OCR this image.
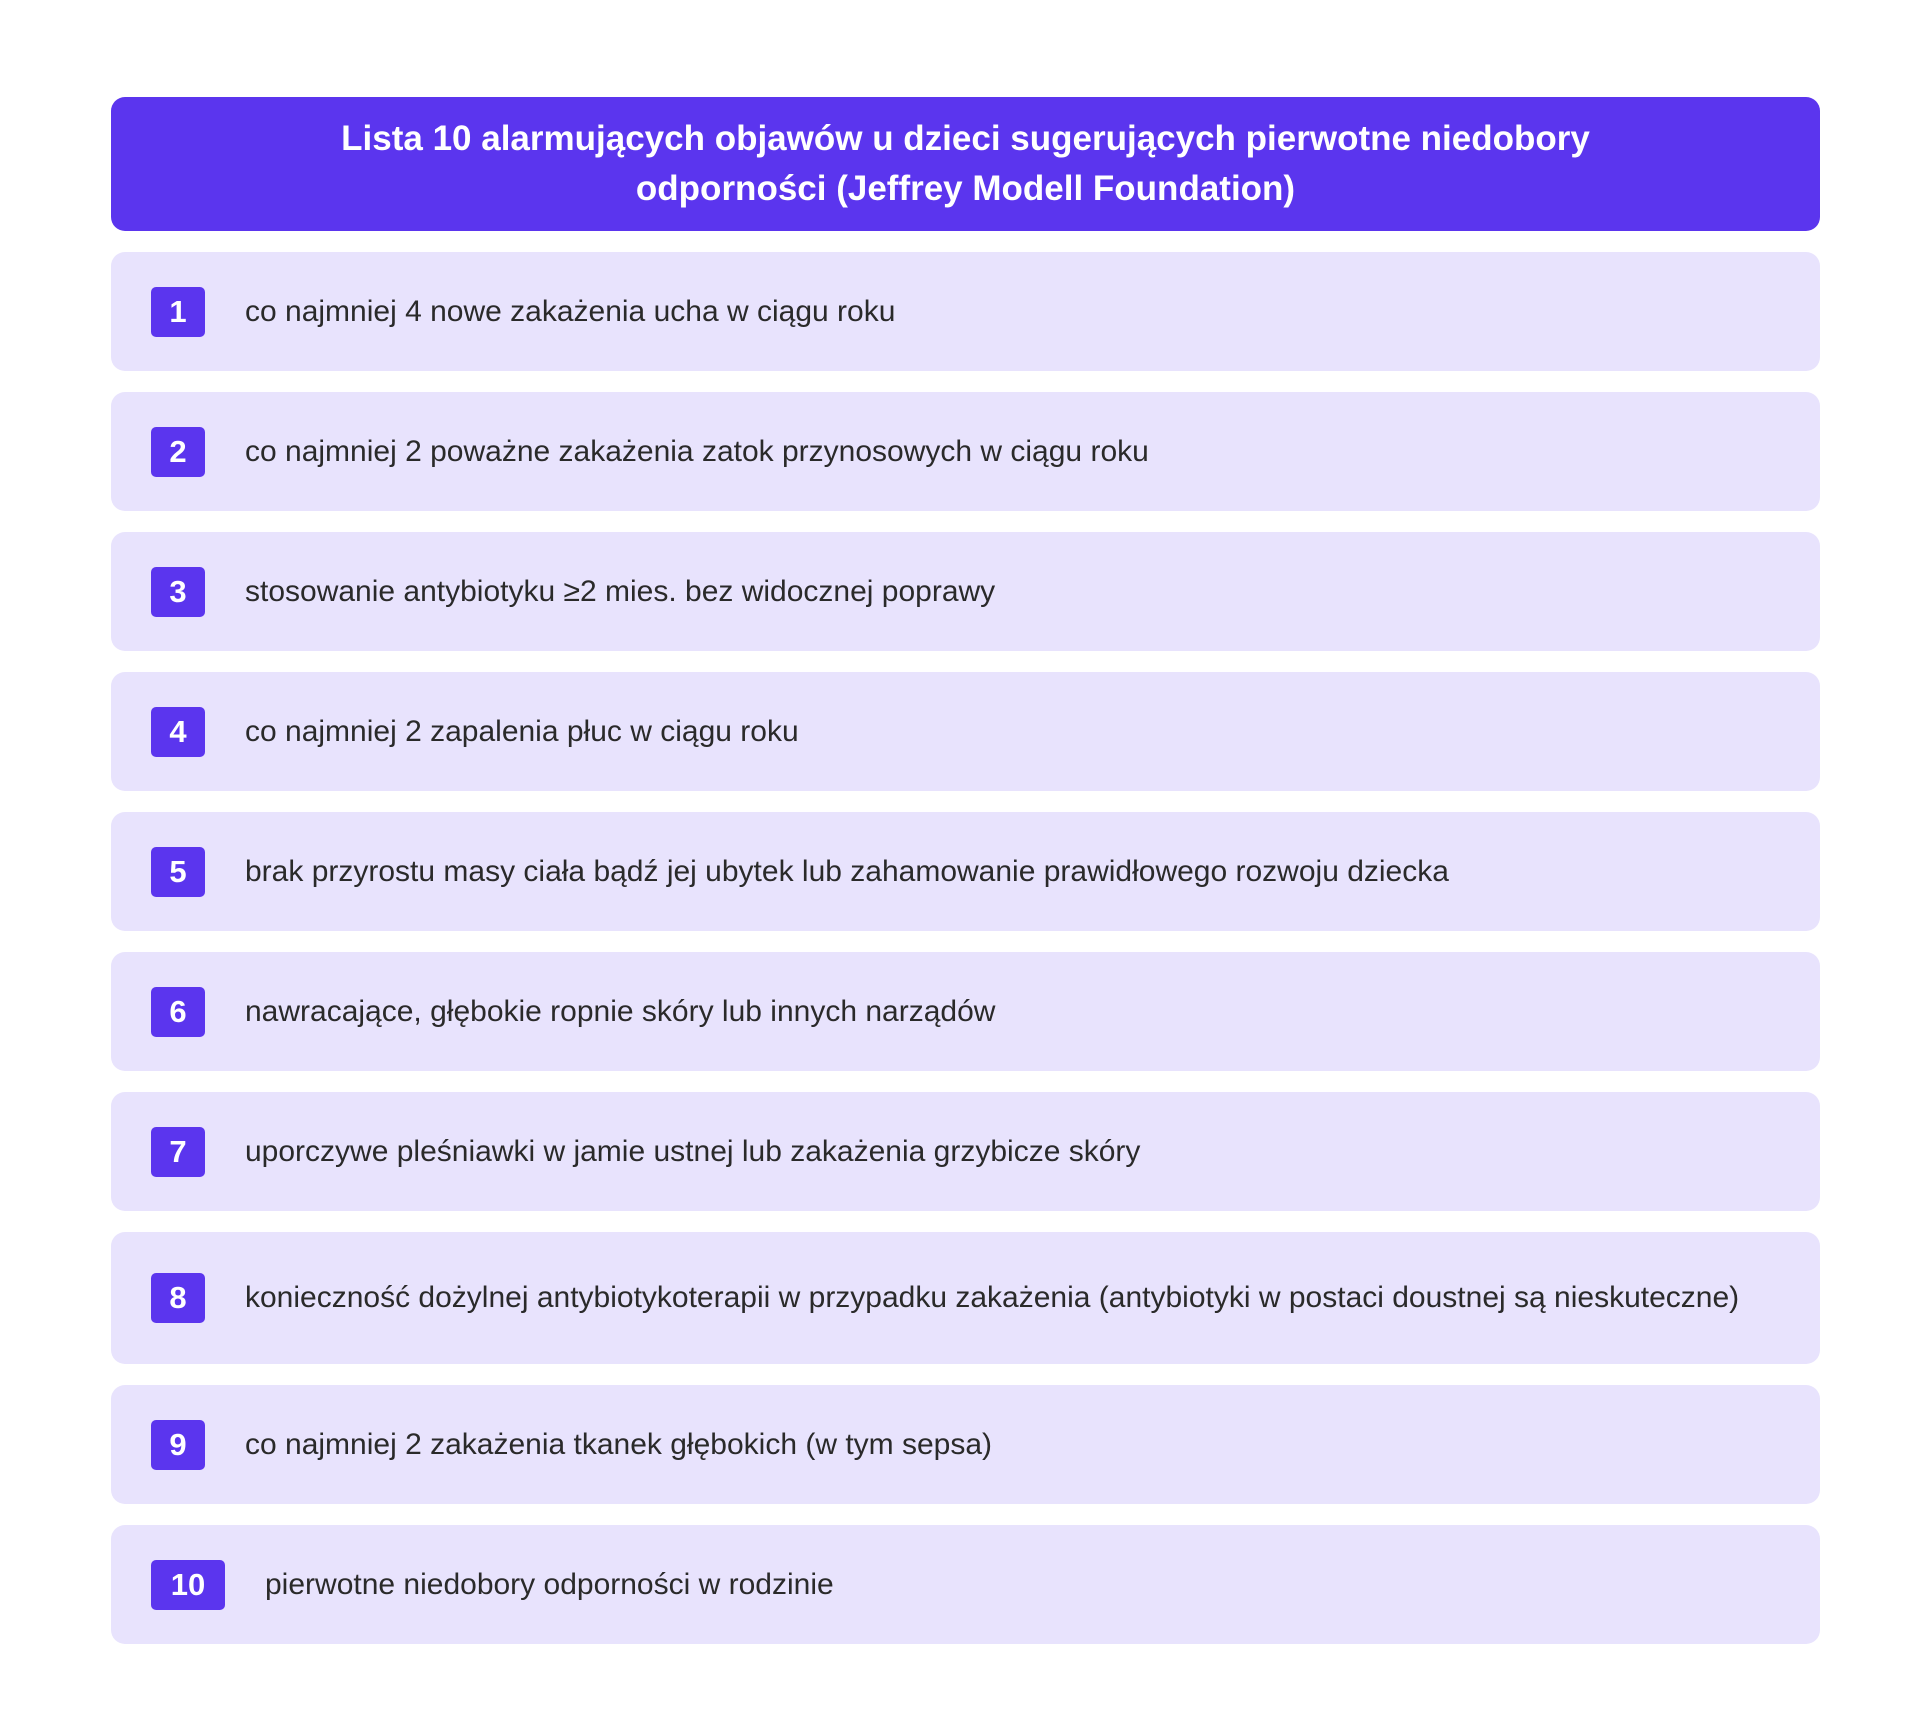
Lista 10 alarmujących objawów u dzieci sugerujących pierwotne niedobory odporności (Jeffrey Modell Foundation)
1	co najmniej 4 nowe zakażenia ucha w ciągu roku
2	co najmniej 2 poważne zakażenia zatok przynosowych w ciągu roku
3	stosowanie antybiotyku ≥2 mies. bez widocznej poprawy
4	co najmniej 2 zapalenia płuc w ciągu roku
5	brak przyrostu masy ciała bądź jej ubytek lub zahamowanie prawidłowego rozwoju dziecka
6	nawracające, głębokie ropnie skóry lub innych narządów
7	uporczywe pleśniawki w jamie ustnej lub zakażenia grzybicze skóry
8	konieczność dożylnej antybiotykoterapii w przypadku zakażenia (antybiotyki w postaci doustnej są nieskuteczne)
9	co najmniej 2 zakażenia tkanek głębokich (w tym sepsa)
10	pierwotne niedobory odporności w rodzinie
